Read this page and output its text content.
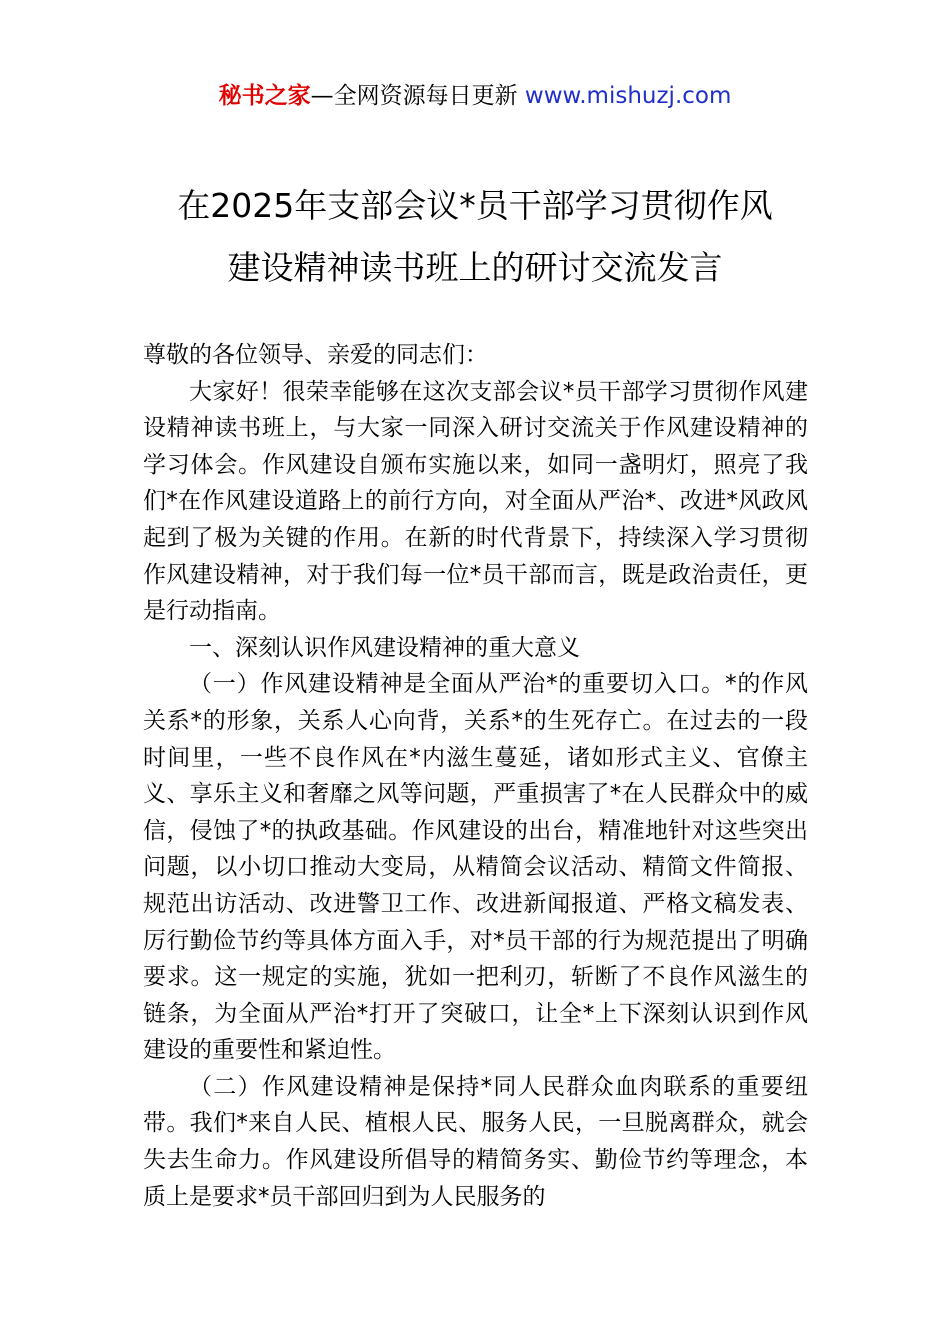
秘书之家—全网资源每日更新 www.mishuzj.com
在2025年支部会议*员干部学习贯彻作风
建设精神读书班上的研讨交流发言

尊敬的各位领导、亲爱的同志们：

大家好！很荣幸能够在这次支部会议*员干部学习贯彻作风建设精神读书班上，与大家一同深入研讨交流关于作风建设精神的学习体会。作风建设自颁布实施以来，如同一盏明灯，照亮了我们*在作风建设道路上的前行方向，对全面从严治*、改进*风政风起到了极为关键的作用。在新的时代背景下，持续深入学习贯彻作风建设精神，对于我们每一位*员干部而言，既是政治责任，更是行动指南。

一、深刻认识作风建设精神的重大意义

（一）作风建设精神是全面从严治*的重要切入口。*的作风关系*的形象，关系人心向背，关系*的生死存亡。在过去的一段时间里，一些不良作风在*内滋生蔓延，诸如形式主义、官僚主义、享乐主义和奢靡之风等问题，严重损害了*在人民群众中的威信，侵蚀了*的执政基础。作风建设的出台，精准地针对这些突出问题，以小切口推动大变局，从精简会议活动、精简文件简报、规范出访活动、改进警卫工作、改进新闻报道、严格文稿发表、厉行勤俭节约等具体方面入手，对*员干部的行为规范提出了明确要求。这一规定的实施，犹如一把利刃，斩断了不良作风滋生的链条，为全面从严治*打开了突破口，让全*上下深刻认识到作风建设的重要性和紧迫性。

（二）作风建设精神是保持*同人民群众血肉联系的重要纽带。我们*来自人民、植根人民、服务人民，一旦脱离群众，就会失去生命力。作风建设所倡导的精简务实、勤俭节约等理念，本质上是要求*员干部回归到为人民服务的
